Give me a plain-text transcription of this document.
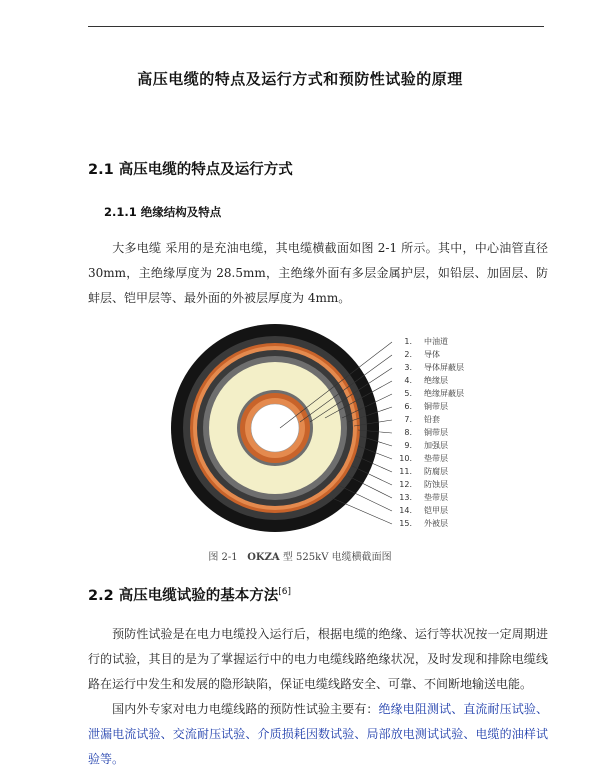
高压电缆的特点及运行方式和预防性试验的原理
2.1 高压电缆的特点及运行方式
2.1.1 绝缘结构及特点
大多电缆 采用的是充油电缆，其电缆横截面如图 2-1 所示。其中，中心油管直径 30mm，主绝缘厚度为 28.5mm，主绝缘外面有多层金属护层，如铅层、加固层、防蚌层、铠甲层等、最外面的外被层厚度为 4mm。
1. 中油道
2. 导体
3. 导体屏蔽层
4. 绝缘层
5. 绝缘屏蔽层
6. 铜带层
7. 铅套
8. 铜带层
9. 加强层
10. 垫带层
11. 防腐层
12. 防蚀层
13. 垫带层
14. 铠甲层
15. 外被层
图 2-1 OKZA 型 525kV 电缆横截面图
2.2 高压电缆试验的基本方法[6]
预防性试验是在电力电缆投入运行后，根据电缆的绝缘、运行等状况按一定周期进行的试验，其目的是为了掌握运行中的电力电缆线路绝缘状况，及时发现和排除电缆线路在运行中发生和发展的隐形缺陷，保证电缆线路安全、可靠、不间断地输送电能。
国内外专家对电力电缆线路的预防性试验主要有：绝缘电阻测试、直流耐压试验、泄漏电流试验、交流耐压试验、介质损耗因数试验、局部放电测试试验、电缆的油样试验等。
